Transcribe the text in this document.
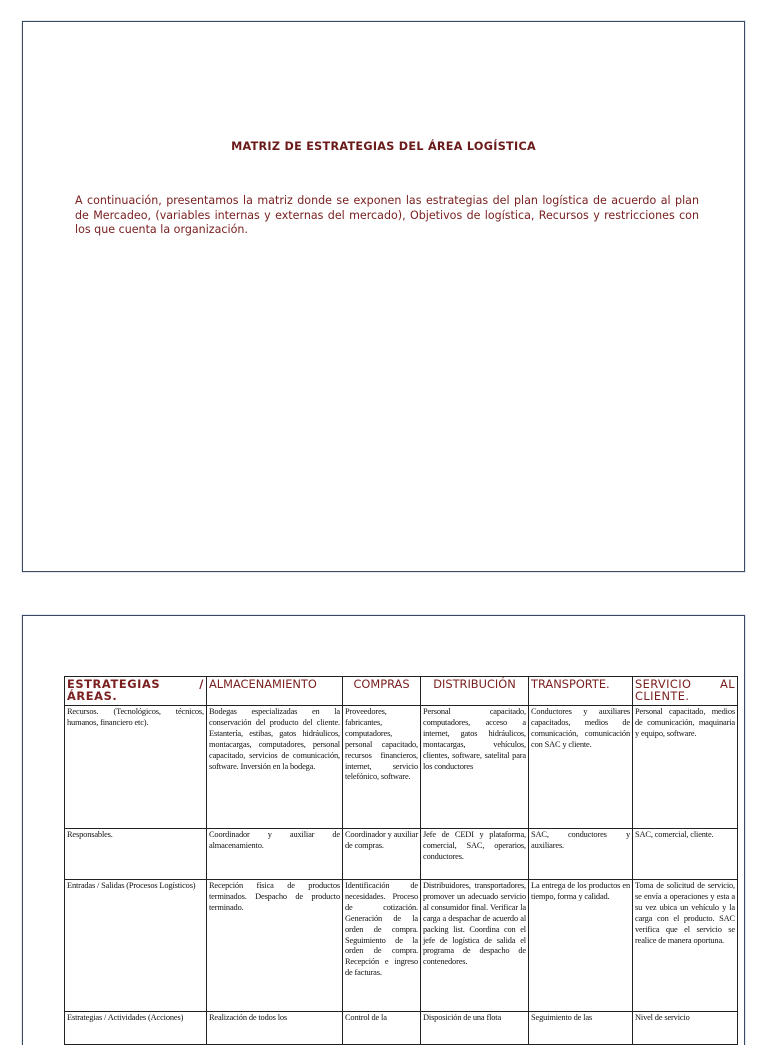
MATRIZ DE ESTRATEGIAS DEL ÁREA LOGÍSTICA
A continuación, presentamos la matriz donde se exponen las estrategias del plan logística de acuerdo al plan de Mercadeo, (variables internas y externas del mercado), Objetivos de logística, Recursos y restricciones con los que cuenta la organización.
ESTRATEGIAS / ÁREAS.	ALMACENAMIENTO	COMPRAS	DISTRIBUCIÓN	TRANSPORTE.	SERVICIO AL CLIENTE.

Recursos. (Tecnológicos, técnicos, humanos, financiero etc).	Bodegas especializadas en la conservación del producto del cliente. Estantería, estibas, gatos hidráulicos, montacargas, computadores, personal capacitado, servicios de comunicación, software. Inversión en la bodega.	Proveedores, fabricantes, computadores, personal capacitado, recursos financieros, internet, servicio telefónico, software.	Personal capacitado, computadores, acceso a internet, gatos hidráulicos, montacargas, vehículos, clientes, software, satelital para los conductores	Conductores y auxiliares capacitados, medios de comunicación, comunicación con SAC y cliente.	Personal capacitado, medios de comunicación, maquinaria y equipo, software.
Responsables.	Coordinador y auxiliar de almacenamiento.	Coordinador y auxiliar de compras.	Jefe de CEDI y plataforma, comercial, SAC, operarios, conductores.	SAC, conductores y auxiliares.	SAC, comercial, cliente.
Entradas / Salidas (Procesos Logísticos)	Recepción física de productos terminados. Despacho de producto terminado.	Identificación de necesidades. Proceso de cotización. Generación de la orden de compra. Seguimiento de la orden de compra. Recepción e ingreso de facturas.	Distribuidores, transportadores, promover un adecuado servicio al consumidor final. Verificar la carga a despachar de acuerdo al packing list. Coordina con el jefe de logística de salida el programa de despacho de contenedores.	La entrega de los productos en tiempo, forma y calidad.	Toma de solicitud de servicio, se envía a operaciones y esta a su vez ubica un vehículo y la carga con el producto. SAC verifica que el servicio se realice de manera oportuna.
Estrategias / Actividades (Acciones)	Realización de todos los	Control de la	Disposición de una flota	Seguimiento de las	Nivel de servicio
